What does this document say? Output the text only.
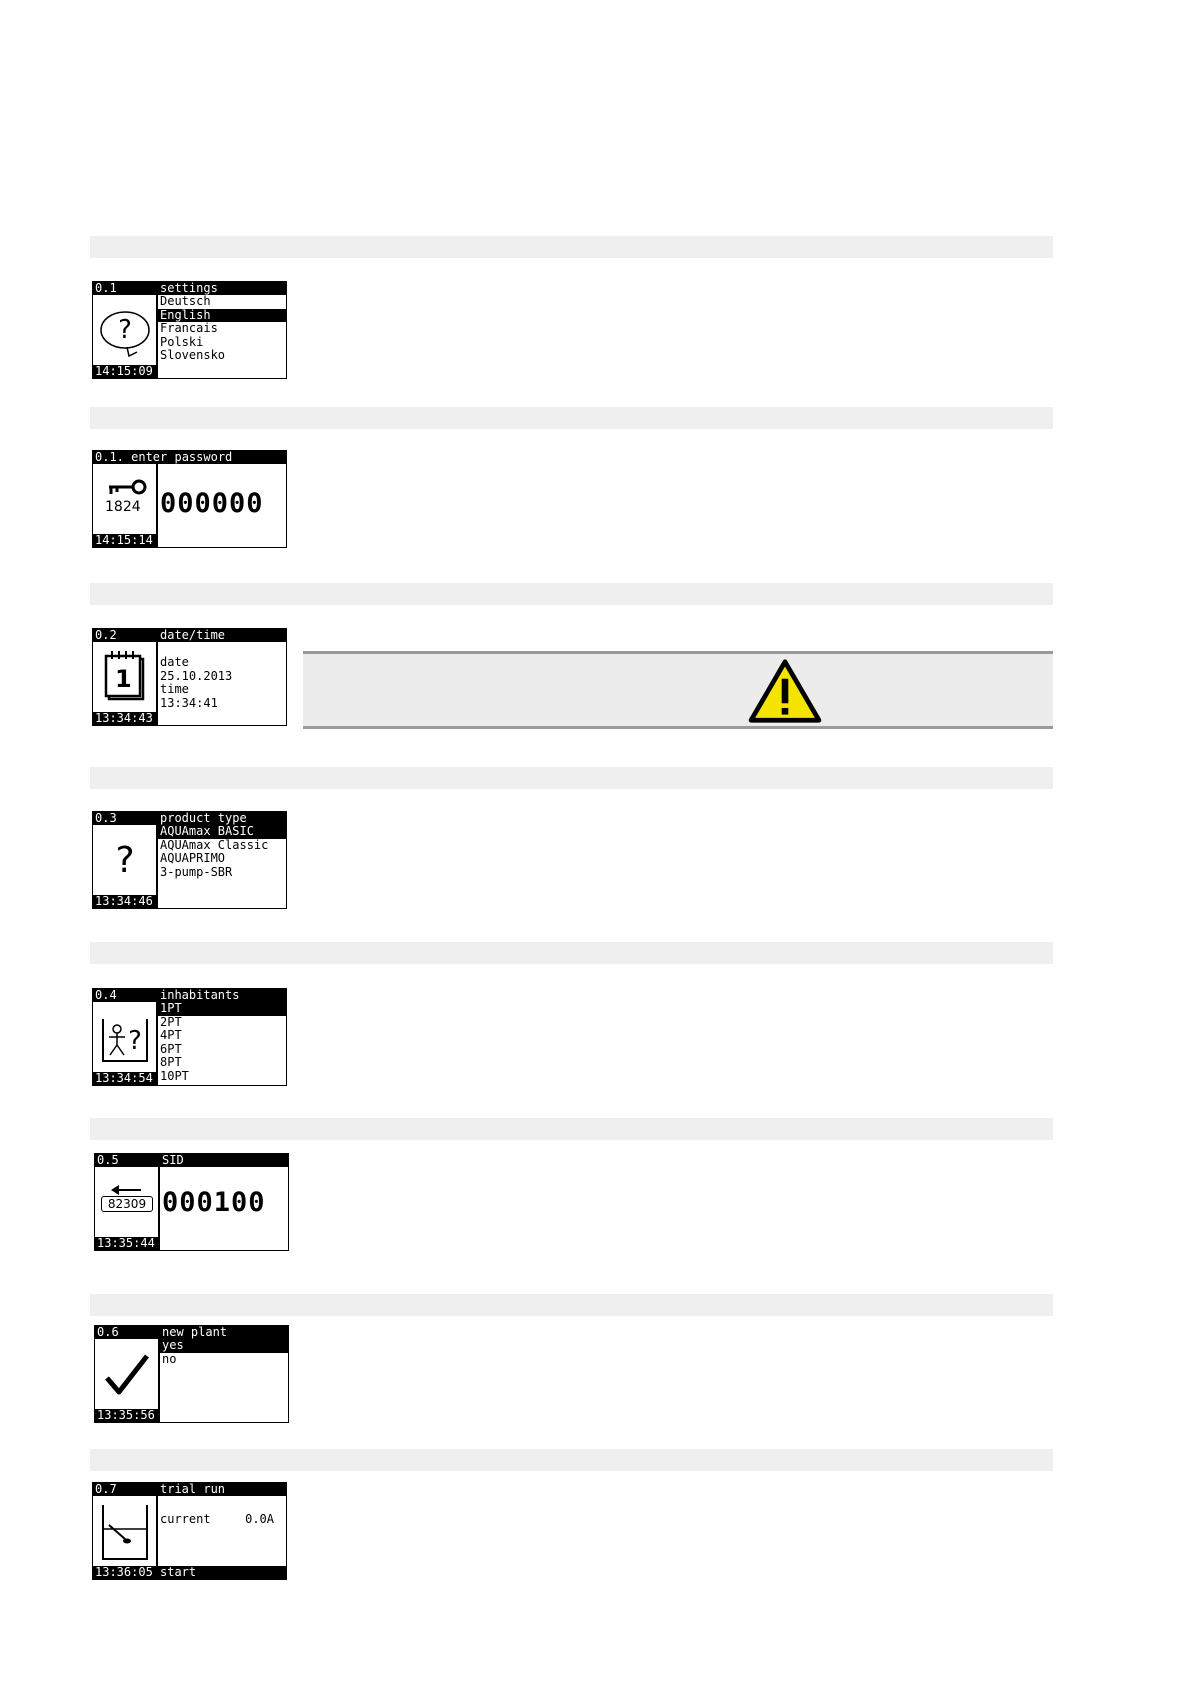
?
0.1
14:15:09
settings
Deutsch
English
Francais
Polski
Slovensko
1824
0.1. enter password
14:15:14
000000
1
0.2
13:34:43
date/time
date
25.10.2013
time
13:34:41
?
0.3
13:34:46
product type
AQUAmax BASIC
AQUAmax Classic
AQUAPRIMO
3-pump-SBR
?
0.4
13:34:54
inhabitants
1PT
2PT
4PT
6PT
8PT
10PT
82309
0.5
13:35:44
SID
000100
0.6
13:35:56
new plant
yes
no
0.7	trial run
current	0.0A
13:36:05 start
